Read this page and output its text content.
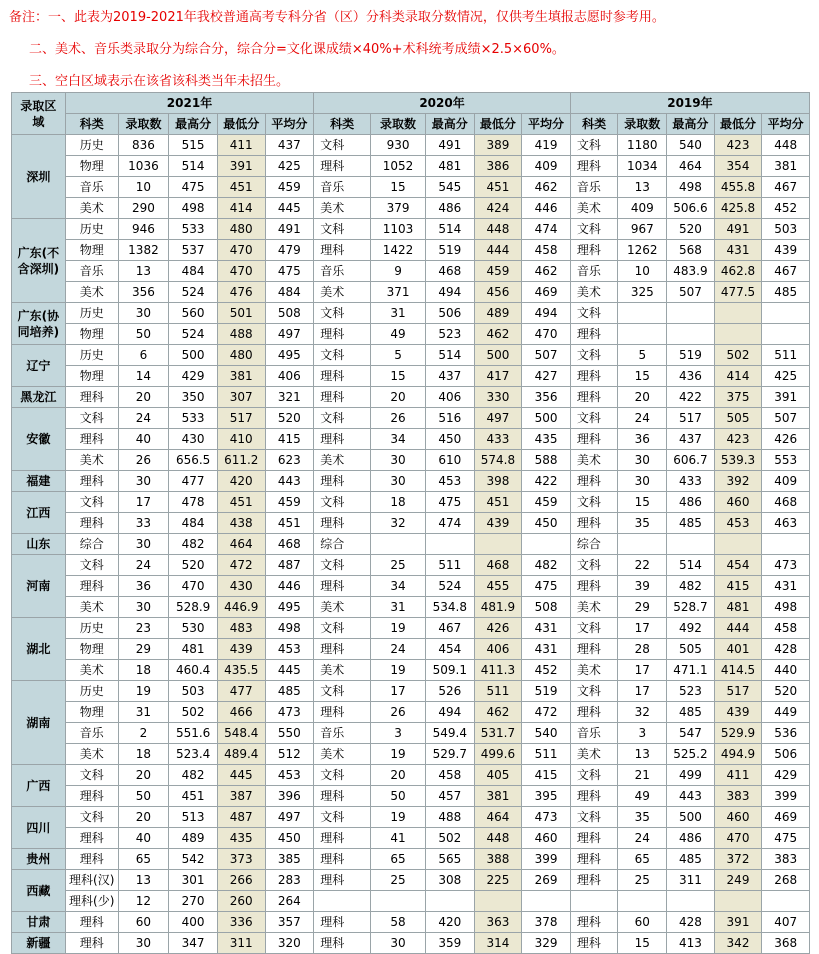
备注：一、此表为2019-2021年我校普通高考专科分省（区）分科类录取分数情况，仅供考生填报志愿时参考用。
二、美术、音乐类录取分为综合分，综合分=文化课成绩×40%+术科统考成绩×2.5×60%。
三、空白区域表示在该省该科类当年未招生。
录取区域	2021年					2020年					2019年				
	科类	录取数	最高分	最低分	平均分	科类	录取数	最高分	最低分	平均分	科类	录取数	最高分	最低分	平均分
深圳	历史	836	515	411	437	文科	930	491	389	419	文科	1180	540	423	448
	物理	1036	514	391	425	理科	1052	481	386	409	理科	1034	464	354	381
	音乐	10	475	451	459	音乐	15	545	451	462	音乐	13	498	455.8	467
	美术	290	498	414	445	美术	379	486	424	446	美术	409	506.6	425.8	452
广东(不含深圳)	历史	946	533	480	491	文科	1103	514	448	474	文科	967	520	491	503
	物理	1382	537	470	479	理科	1422	519	444	458	理科	1262	568	431	439
	音乐	13	484	470	475	音乐	9	468	459	462	音乐	10	483.9	462.8	467
	美术	356	524	476	484	美术	371	494	456	469	美术	325	507	477.5	485
广东(协同培养)	历史	30	560	501	508	文科	31	506	489	494	文科				
	物理	50	524	488	497	理科	49	523	462	470	理科				
辽宁	历史	6	500	480	495	文科	5	514	500	507	文科	5	519	502	511
	物理	14	429	381	406	理科	15	437	417	427	理科	15	436	414	425
黑龙江	理科	20	350	307	321	理科	20	406	330	356	理科	20	422	375	391
安徽	文科	24	533	517	520	文科	26	516	497	500	文科	24	517	505	507
	理科	40	430	410	415	理科	34	450	433	435	理科	36	437	423	426
	美术	26	656.5	611.2	623	美术	30	610	574.8	588	美术	30	606.7	539.3	553
福建	理科	30	477	420	443	理科	30	453	398	422	理科	30	433	392	409
江西	文科	17	478	451	459	文科	18	475	451	459	文科	15	486	460	468
	理科	33	484	438	451	理科	32	474	439	450	理科	35	485	453	463
山东	综合	30	482	464	468	综合					综合				
河南	文科	24	520	472	487	文科	25	511	468	482	文科	22	514	454	473
	理科	36	470	430	446	理科	34	524	455	475	理科	39	482	415	431
	美术	30	528.9	446.9	495	美术	31	534.8	481.9	508	美术	29	528.7	481	498
湖北	历史	23	530	483	498	文科	19	467	426	431	文科	17	492	444	458
	物理	29	481	439	453	理科	24	454	406	431	理科	28	505	401	428
	美术	18	460.4	435.5	445	美术	19	509.1	411.3	452	美术	17	471.1	414.5	440
湖南	历史	19	503	477	485	文科	17	526	511	519	文科	17	523	517	520
	物理	31	502	466	473	理科	26	494	462	472	理科	32	485	439	449
	音乐	2	551.6	548.4	550	音乐	3	549.4	531.7	540	音乐	3	547	529.9	536
	美术	18	523.4	489.4	512	美术	19	529.7	499.6	511	美术	13	525.2	494.9	506
广西	文科	20	482	445	453	文科	20	458	405	415	文科	21	499	411	429
	理科	50	451	387	396	理科	50	457	381	395	理科	49	443	383	399
四川	文科	20	513	487	497	文科	19	488	464	473	文科	35	500	460	469
	理科	40	489	435	450	理科	41	502	448	460	理科	24	486	470	475
贵州	理科	65	542	373	385	理科	65	565	388	399	理科	65	485	372	383
西藏	理科(汉)	13	301	266	283	理科	25	308	225	269	理科	25	311	249	268
	理科(少)	12	270	260	264										
甘肃	理科	60	400	336	357	理科	58	420	363	378	理科	60	428	391	407
新疆	理科	30	347	311	320	理科	30	359	314	329	理科	15	413	342	368
